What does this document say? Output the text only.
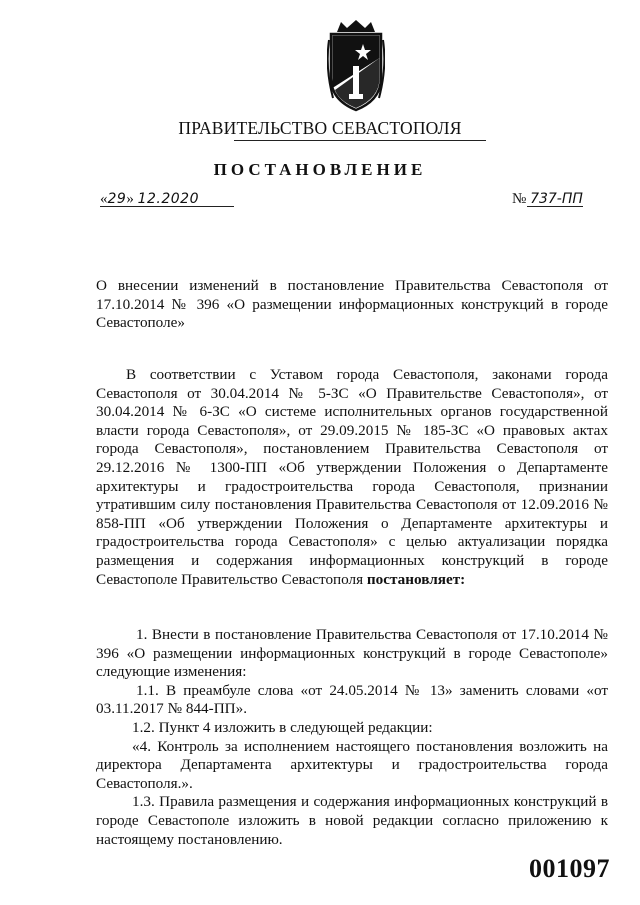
ПРАВИТЕЛЬСТВО СЕВАСТОПОЛЯ
ПОСТАНОВЛЕНИЕ
«29» 12.2020	№ 737-ПП
О внесении изменений в постановление Правительства Севастополя от 17.10.2014 № 396 «О размещении информационных конструкций в городе Севастополе»
В соответствии с Уставом города Севастополя, законами города Севастополя от 30.04.2014 № 5-ЗС «О Правительстве Севастополя», от 30.04.2014 № 6-ЗС «О системе исполнительных органов государственной власти города Севастополя», от 29.09.2015 № 185-ЗС «О правовых актах города Севастополя», постановлением Правительства Севастополя от 29.12.2016 № 1300-ПП «Об утверждении Положения о Департаменте архитектуры и градостроительства города Севастополя, признании утратившим силу постановления Правительства Севастополя от 12.09.2016 № 858-ПП «Об утверждении Положения о Департаменте архитектуры и градостроительства города Севастополя» с целью актуализации порядка размещения и содержания информационных конструкций в городе Севастополе Правительство Севастополя постановляет:

1. Внести в постановление Правительства Севастополя от 17.10.2014 № 396 «О размещении информационных конструкций в городе Севастополе» следующие изменения:

1.1. В преамбуле слова «от 24.05.2014 № 13» заменить словами «от 03.11.2017 № 844-ПП».

1.2. Пункт 4 изложить в следующей редакции:

«4. Контроль за исполнением настоящего постановления возложить на директора Департамента архитектуры и градостроительства города Севастополя.».

1.3. Правила размещения и содержания информационных конструкций в городе Севастополе изложить в новой редакции согласно приложению к настоящему постановлению.

001097
